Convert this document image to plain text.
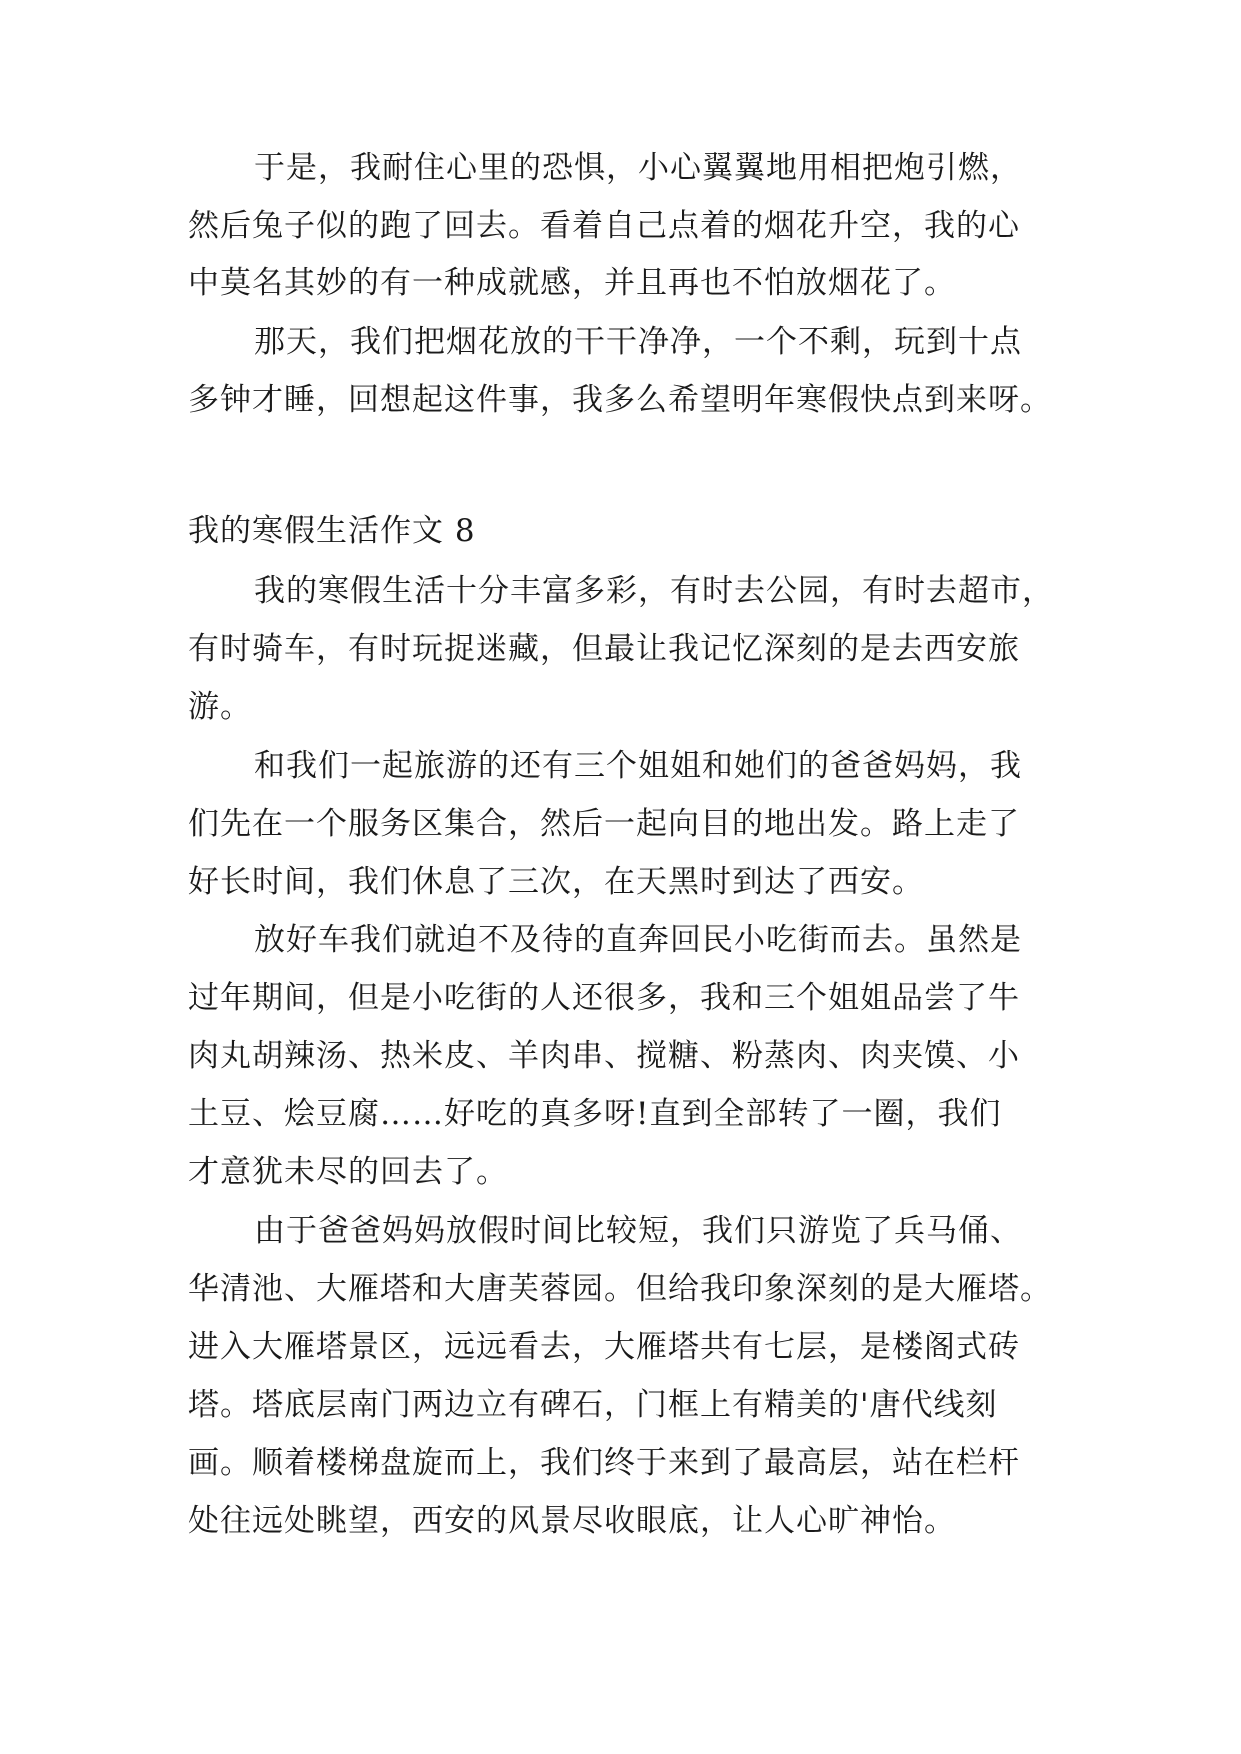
于是，我耐住心里的恐惧，小心翼翼地用相把炮引燃，

然后兔子似的跑了回去。看着自己点着的烟花升空，我的心

中莫名其妙的有一种成就感，并且再也不怕放烟花了。

那天，我们把烟花放的干干净净，一个不剩，玩到十点

多钟才睡，回想起这件事，我多么希望明年寒假快点到来呀。

我的寒假生活作文 8

我的寒假生活十分丰富多彩，有时去公园，有时去超市，

有时骑车，有时玩捉迷藏，但最让我记忆深刻的是去西安旅

游。

和我们一起旅游的还有三个姐姐和她们的爸爸妈妈，我

们先在一个服务区集合，然后一起向目的地出发。路上走了

好长时间，我们休息了三次，在天黑时到达了西安。

放好车我们就迫不及待的直奔回民小吃街而去。虽然是

过年期间，但是小吃街的人还很多，我和三个姐姐品尝了牛

肉丸胡辣汤、热米皮、羊肉串、搅糖、粉蒸肉、肉夹馍、小

土豆、烩豆腐……好吃的真多呀!直到全部转了一圈，我们

才意犹未尽的回去了。

由于爸爸妈妈放假时间比较短，我们只游览了兵马俑、

华清池、大雁塔和大唐芙蓉园。但给我印象深刻的是大雁塔。

进入大雁塔景区，远远看去，大雁塔共有七层，是楼阁式砖

塔。塔底层南门两边立有碑石，门框上有精美的'唐代线刻

画。顺着楼梯盘旋而上，我们终于来到了最高层，站在栏杆

处往远处眺望，西安的风景尽收眼底，让人心旷神怡。
